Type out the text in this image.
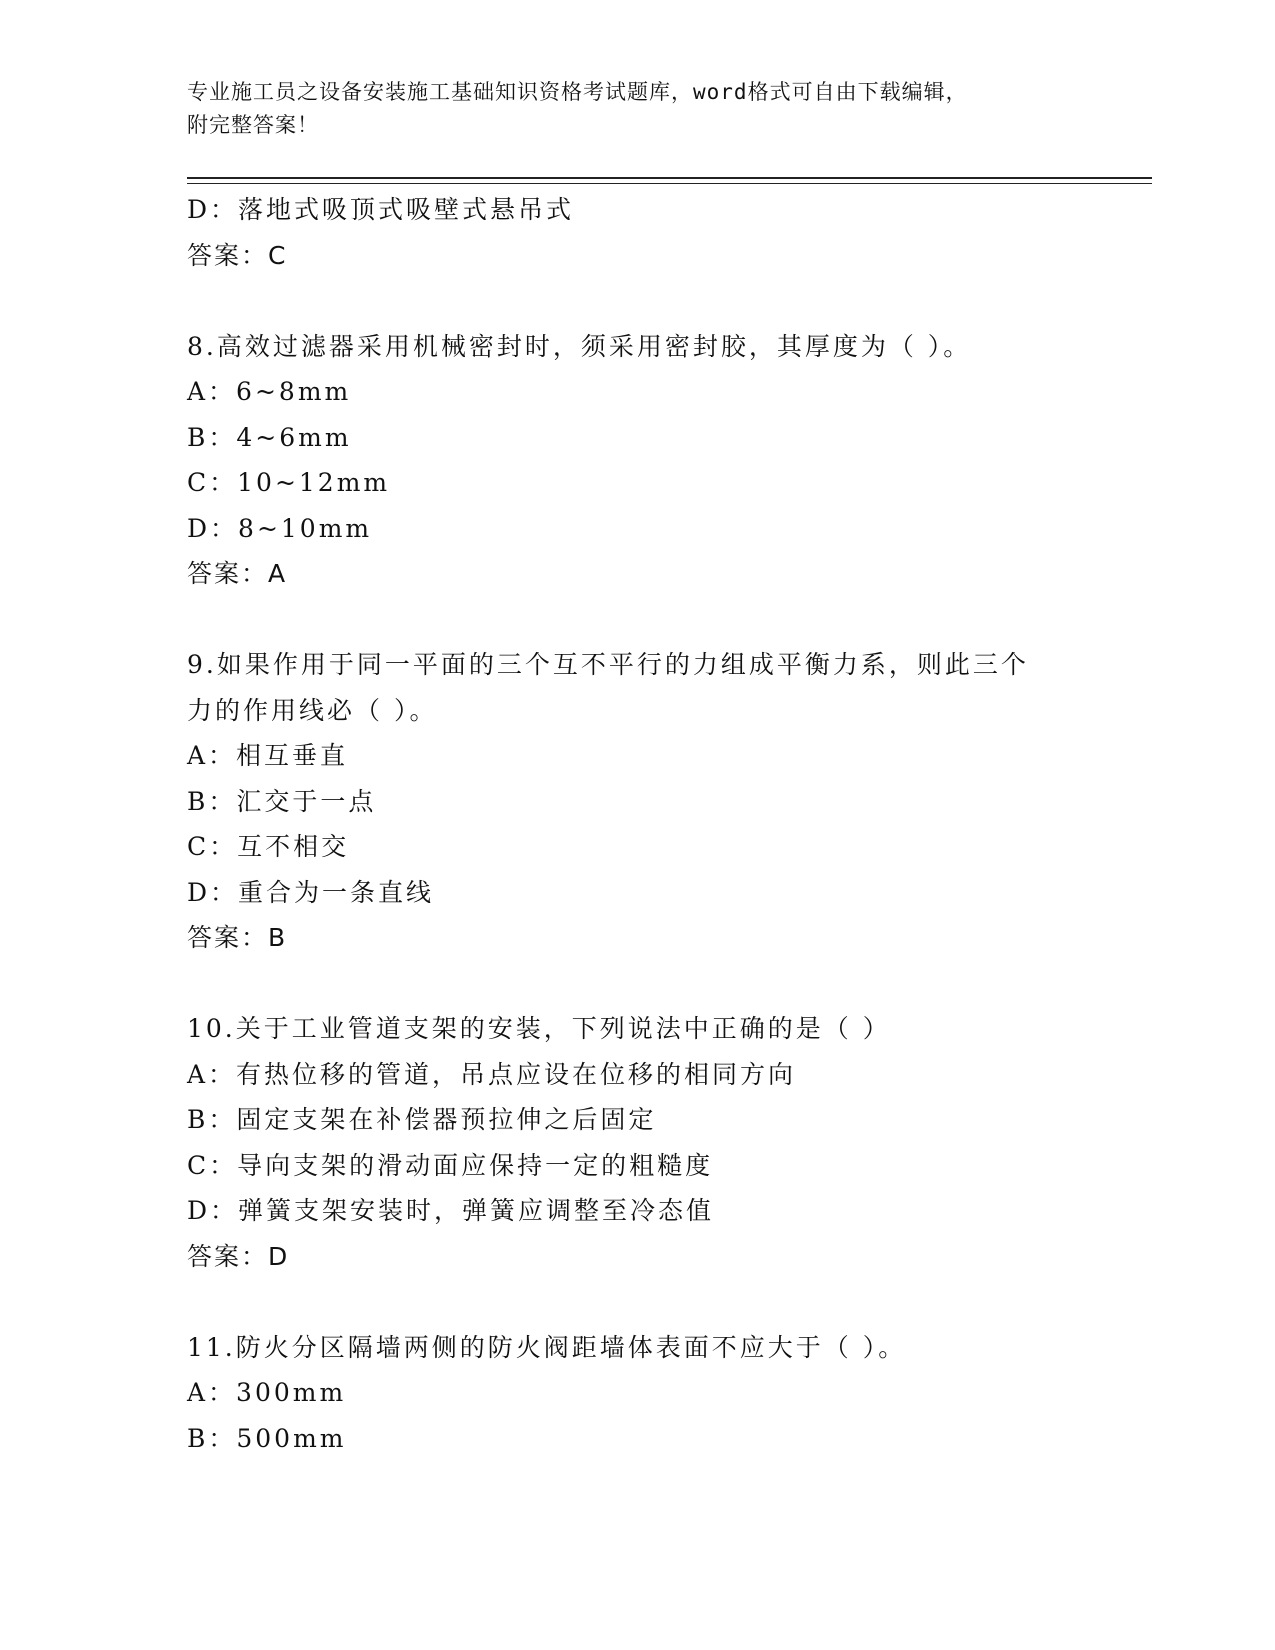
专业施工员之设备安装施工基础知识资格考试题库，word格式可自由下载编辑，
附完整答案！
D：落地式吸顶式吸壁式悬吊式
答案：C
8.高效过滤器采用机械密封时，须采用密封胶，其厚度为（ ）。
A：6~8mm
B：4~6mm
C：10~12mm
D：8~10mm
答案：A
9.如果作用于同一平面的三个互不平行的力组成平衡力系，则此三个
力的作用线必（ ）。
A：相互垂直
B：汇交于一点
C：互不相交
D：重合为一条直线
答案：B
10.关于工业管道支架的安装，下列说法中正确的是（ ）
A：有热位移的管道，吊点应设在位移的相同方向
B：固定支架在补偿器预拉伸之后固定
C：导向支架的滑动面应保持一定的粗糙度
D：弹簧支架安装时，弹簧应调整至冷态值
答案：D
11.防火分区隔墙两侧的防火阀距墙体表面不应大于（ ）。
A：300mm
B：500mm
